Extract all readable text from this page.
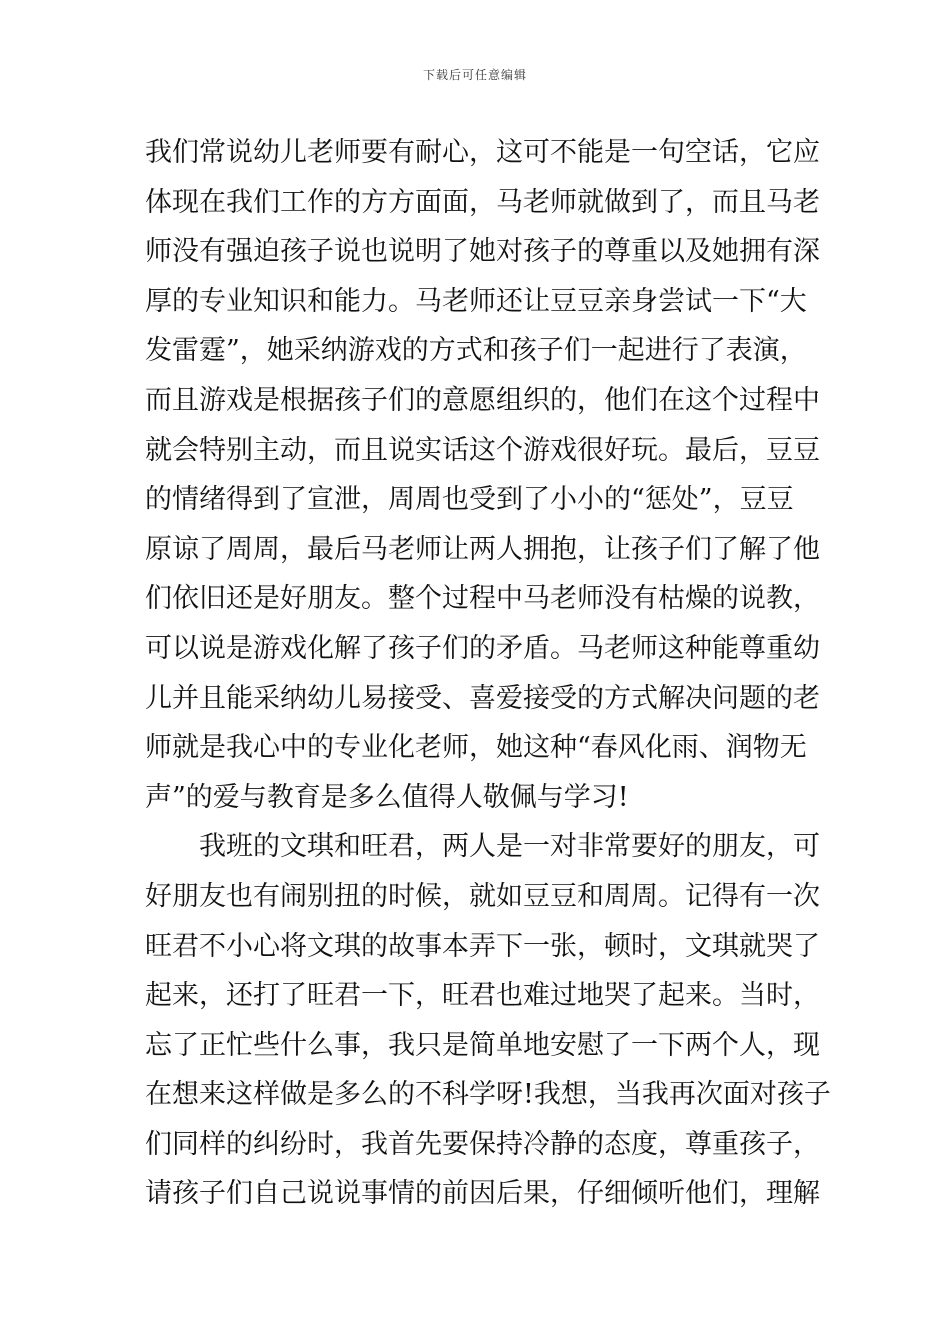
下载后可任意编辑
我们常说幼儿老师要有耐心，这可不能是一句空话，它应
体现在我们工作的方方面面，马老师就做到了，而且马老
师没有强迫孩子说也说明了她对孩子的尊重以及她拥有深
厚的专业知识和能力。马老师还让豆豆亲身尝试一下“大
发雷霆”，她采纳游戏的方式和孩子们一起进行了表演，
而且游戏是根据孩子们的意愿组织的，他们在这个过程中
就会特别主动，而且说实话这个游戏很好玩。最后，豆豆
的情绪得到了宣泄，周周也受到了小小的“惩处”，豆豆
原谅了周周，最后马老师让两人拥抱，让孩子们了解了他
们依旧还是好朋友。整个过程中马老师没有枯燥的说教，
可以说是游戏化解了孩子们的矛盾。马老师这种能尊重幼
儿并且能采纳幼儿易接受、喜爱接受的方式解决问题的老
师就是我心中的专业化老师，她这种“春风化雨、润物无
声”的爱与教育是多么值得人敬佩与学习!
我班的文琪和旺君，两人是一对非常要好的朋友，可
好朋友也有闹别扭的时候，就如豆豆和周周。记得有一次
旺君不小心将文琪的故事本弄下一张，顿时，文琪就哭了
起来，还打了旺君一下，旺君也难过地哭了起来。当时，
忘了正忙些什么事，我只是简单地安慰了一下两个人，现
在想来这样做是多么的不科学呀!我想，当我再次面对孩子
们同样的纠纷时，我首先要保持冷静的态度，尊重孩子，
请孩子们自己说说事情的前因后果，仔细倾听他们，理解
